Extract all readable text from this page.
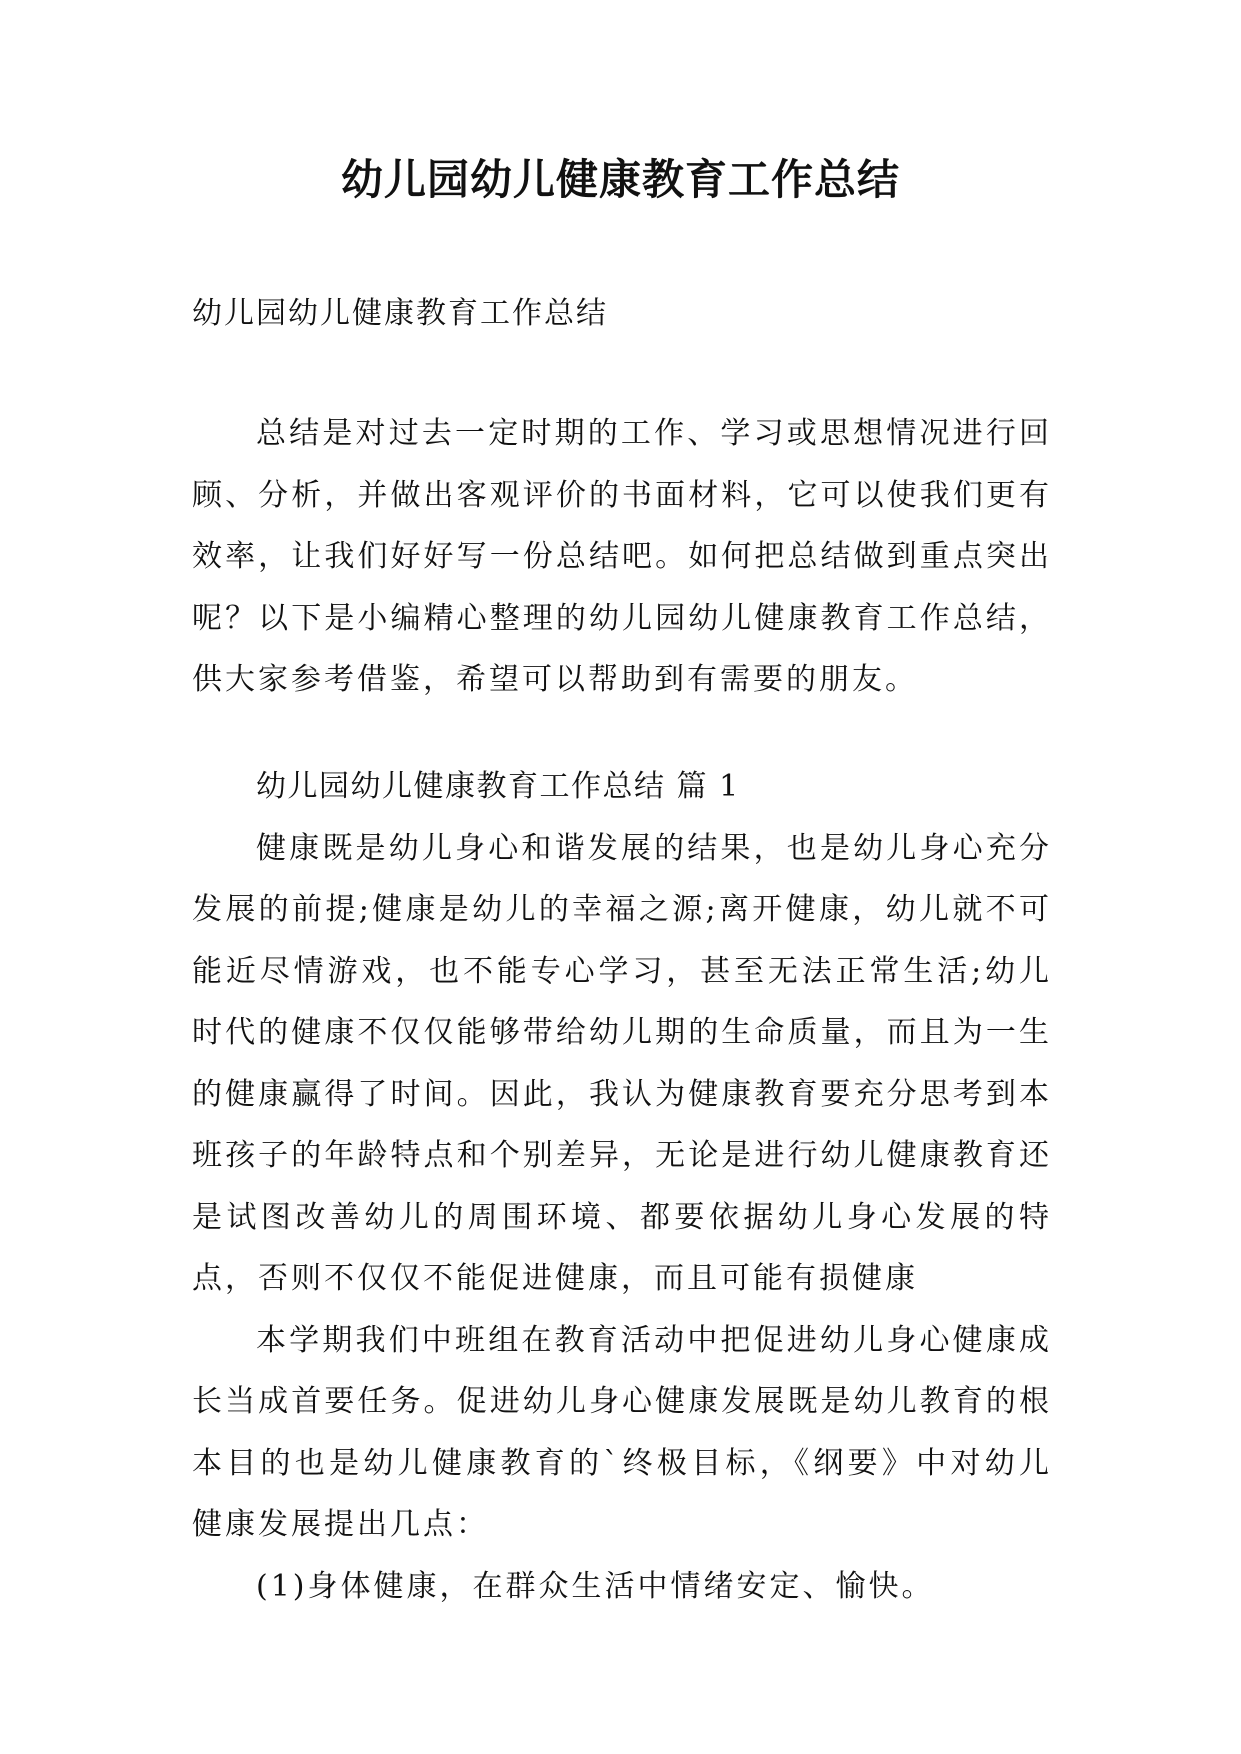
幼儿园幼儿健康教育工作总结

幼儿园幼儿健康教育工作总结

总结是对过去一定时期的工作、学习或思想情况进行回顾、分析，并做出客观评价的书面材料，它可以使我们更有效率，让我们好好写一份总结吧。如何把总结做到重点突出呢？以下是小编精心整理的幼儿园幼儿健康教育工作总结，供大家参考借鉴，希望可以帮助到有需要的朋友。

幼儿园幼儿健康教育工作总结 篇 1

健康既是幼儿身心和谐发展的结果，也是幼儿身心充分发展的前提;健康是幼儿的幸福之源;离开健康，幼儿就不可能近尽情游戏，也不能专心学习，甚至无法正常生活;幼儿时代的健康不仅仅能够带给幼儿期的生命质量，而且为一生的健康赢得了时间。因此，我认为健康教育要充分思考到本班孩子的年龄特点和个别差异，无论是进行幼儿健康教育还是试图改善幼儿的周围环境、都要依据幼儿身心发展的特点，否则不仅仅不能促进健康，而且可能有损健康

本学期我们中班组在教育活动中把促进幼儿身心健康成长当成首要任务。促进幼儿身心健康发展既是幼儿教育的根本目的也是幼儿健康教育的`终极目标，《纲要》中对幼儿健康发展提出几点：

(1)身体健康，在群众生活中情绪安定、愉快。
